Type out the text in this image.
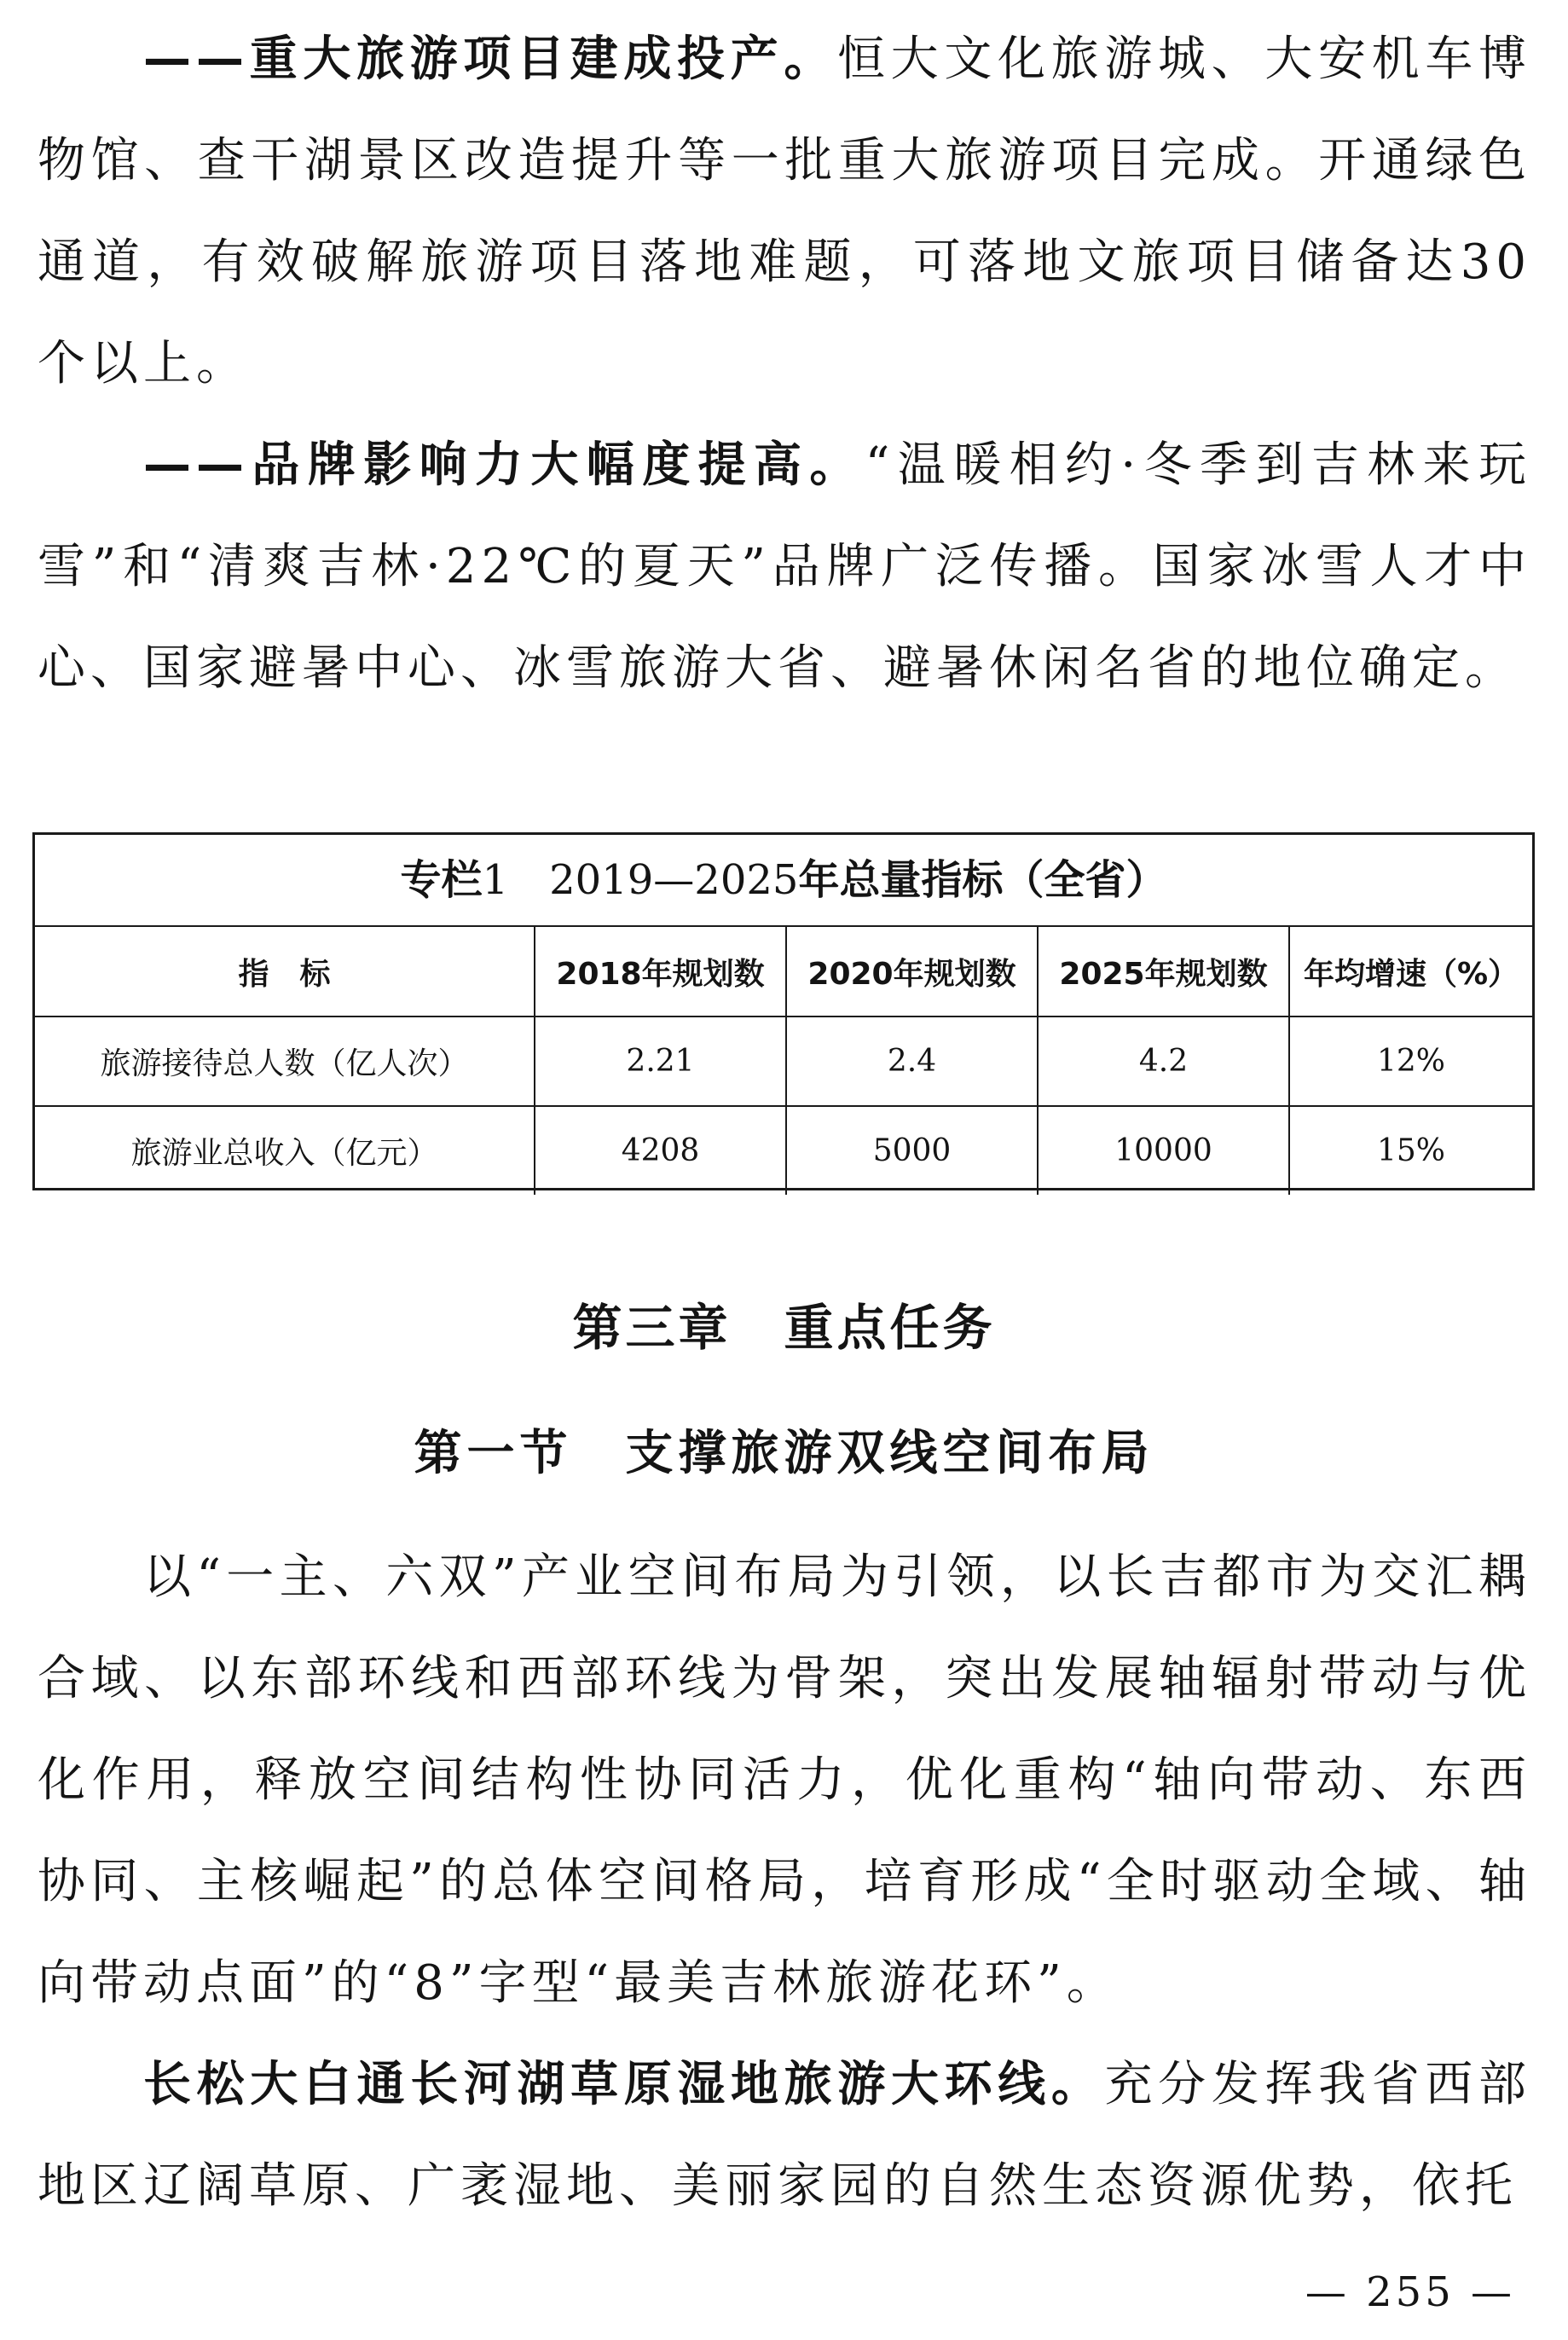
——重大旅游项目建成投产。恒大文化旅游城、大安机车博物馆、查干湖景区改造提升等一批重大旅游项目完成。开通绿色通道，有效破解旅游项目落地难题，可落地文旅项目储备达30个以上。

——品牌影响力大幅度提高。“温暖相约·冬季到吉林来玩雪”和“清爽吉林·22℃的夏天”品牌广泛传播。国家冰雪人才中心、国家避暑中心、冰雪旅游大省、避暑休闲名省的地位确定。

专栏1　 2019—2025年总量指标（全省）
指　标	2018年规划数	2020年规划数	2025年规划数	年均增速（%）
旅游接待总人数（亿人次）	2.21	2.4	4.2	12%
旅游业总收入（亿元）	4208	5000	10000	15%
第三章　重点任务
第一节　支撑旅游双线空间布局

以“一主、六双”产业空间布局为引领，以长吉都市为交汇耦合域、以东部环线和西部环线为骨架，突出发展轴辐射带动与优化作用，释放空间结构性协同活力，优化重构“轴向带动、东西协同、主核崛起”的总体空间格局，培育形成“全时驱动全域、轴向带动点面”的“8”字型“最美吉林旅游花环”。

长松大白通长河湖草原湿地旅游大环线。充分发挥我省西部地区辽阔草原、广袤湿地、美丽家园的自然生态资源优势，依托

— 255 —
